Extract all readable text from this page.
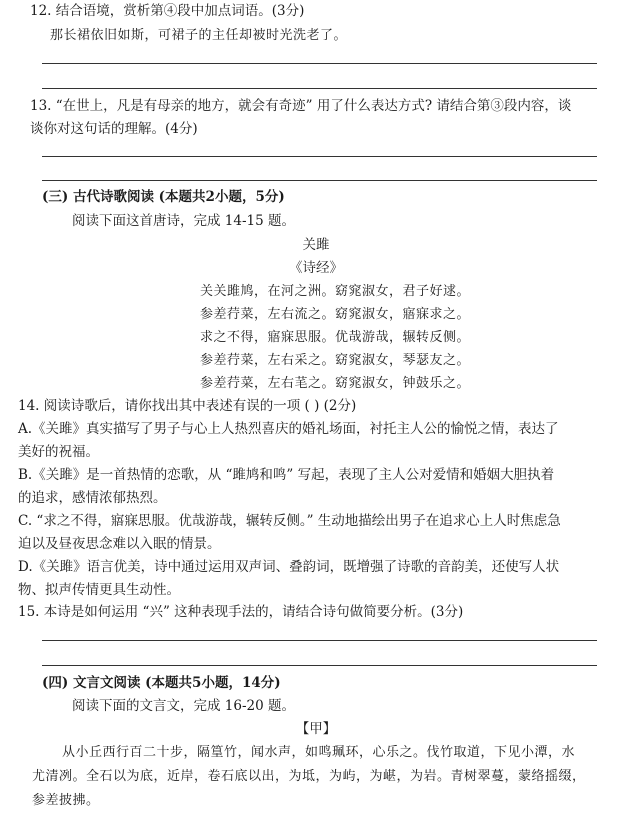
12. 结合语境，赏析第④段中加点词语。(3分)
那长裙依旧如斯，可裙子的主任却被时光洗老了。
13. “在世上，凡是有母亲的地方，就会有奇迹” 用了什么表达方式? 请结合第③段内容，谈
谈你对这句话的理解。(4分)
(三) 古代诗歌阅读 (本题共2小题，5分)
阅读下面这首唐诗，完成 14-15 题。
关雎
《诗经》
关关雎鸠，在河之洲。窈窕淑女，君子好逑。
参差荇菜，左右流之。窈窕淑女，寤寐求之。
求之不得，寤寐思服。优哉游哉，辗转反侧。
参差荇菜，左右采之。窈窕淑女，琴瑟友之。
参差荇菜，左右芼之。窈窕淑女，钟鼓乐之。
14. 阅读诗歌后，请你找出其中表述有误的一项 ( ) (2分)
A.《关雎》真实描写了男子与心上人热烈喜庆的婚礼场面，衬托主人公的愉悦之情，表达了
美好的祝福。
B.《关雎》是一首热情的恋歌，从 “雎鸠和鸣” 写起，表现了主人公对爱情和婚姻大胆执着
的追求，感情浓郁热烈。
C. “求之不得，寤寐思服。优哉游哉，辗转反侧。” 生动地描绘出男子在追求心上人时焦虑急
迫以及昼夜思念难以入眠的情景。
D.《关雎》语言优美，诗中通过运用双声词、叠韵词，既增强了诗歌的音韵美，还使写人状
物、拟声传情更具生动性。
15. 本诗是如何运用 “兴” 这种表现手法的，请结合诗句做简要分析。(3分)
(四) 文言文阅读 (本题共5小题，14分)
阅读下面的文言文，完成 16-20 题。
【甲】
从小丘西行百二十步，隔篁竹，闻水声，如鸣珮环，心乐之。伐竹取道，下见小潭，水
尤清冽。全石以为底，近岸，卷石底以出，为坻，为屿，为嵁，为岩。青树翠蔓，蒙络摇缀，
参差披拂。
